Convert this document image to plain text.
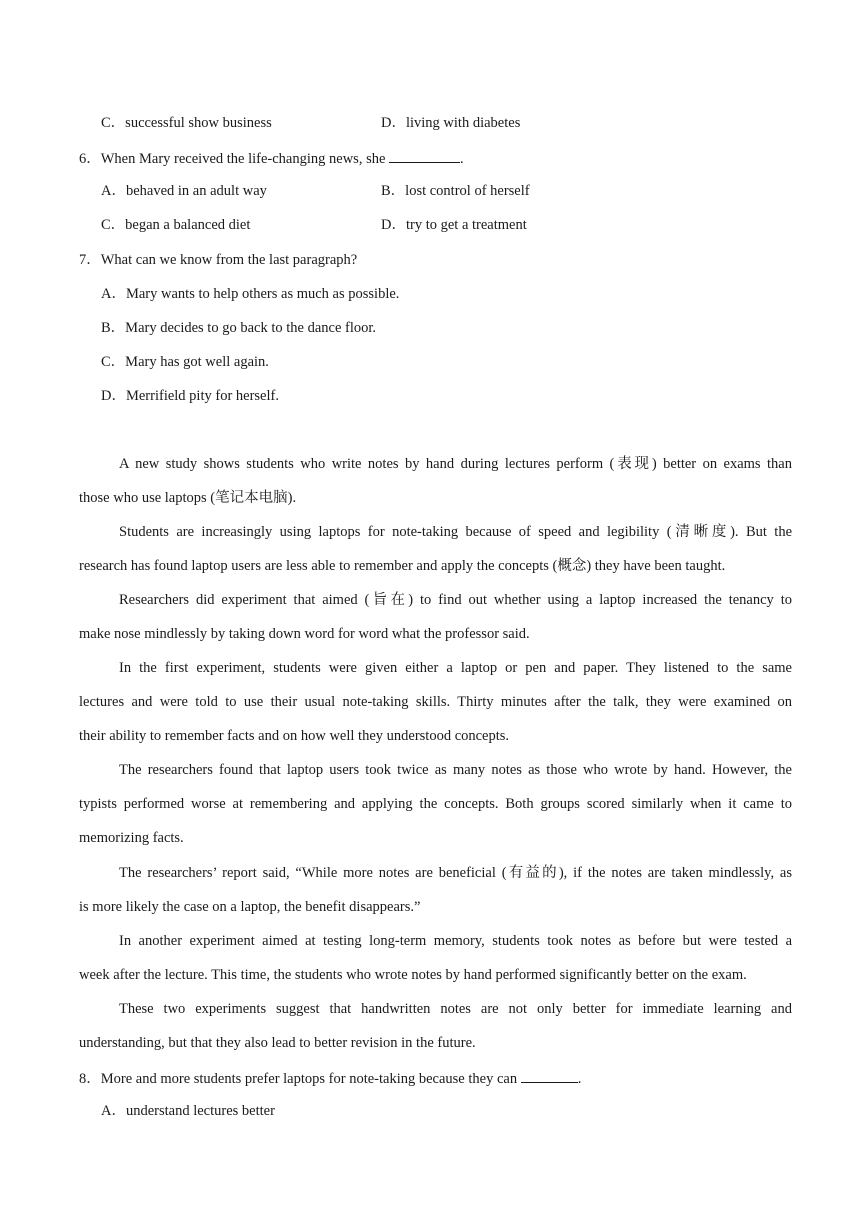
C．successful show business	D．living with diabetes
6．When Mary received the life-changing news, she	.
A．behaved in an adult way	B．lost control of herself
C．began a balanced diet	D．try to get a treatment
7．What can we know from the last paragraph?
A．Mary wants to help others as much as possible.
B．Mary decides to go back to the dance floor.
C．Mary has got well again.
D．Merrifield pity for herself.
A new study shows students who write notes by hand during lectures perform (表现) better on exams than
those who use laptops (笔记本电脑).
Students are increasingly using laptops for note-taking because of speed and legibility (清晰度). But the
research has found laptop users are less able to remember and apply the concepts (概念) they have been taught.
Researchers did experiment that aimed (旨在) to find out whether using a laptop increased the tenancy to
make nose mindlessly by taking down word for word what the professor said.
In the first experiment, students were given either a laptop or pen and paper. They listened to the same
lectures and were told to use their usual note-taking skills. Thirty minutes after the talk, they were examined on
their ability to remember facts and on how well they understood concepts.
The researchers found that laptop users took twice as many notes as those who wrote by hand. However, the
typists performed worse at remembering and applying the concepts. Both groups scored similarly when it came to
memorizing facts.
The researchers’ report said, “While more notes are beneficial (有益的), if the notes are taken mindlessly, as
is more likely the case on a laptop, the benefit disappears.”
In another experiment aimed at testing long-term memory, students took notes as before but were tested a
week after the lecture. This time, the students who wrote notes by hand performed significantly better on the exam.
These two experiments suggest that handwritten notes are not only better for immediate learning and
understanding, but that they also lead to better revision in the future.
8．More and more students prefer laptops for note-taking because they can	.
A．understand lectures better
